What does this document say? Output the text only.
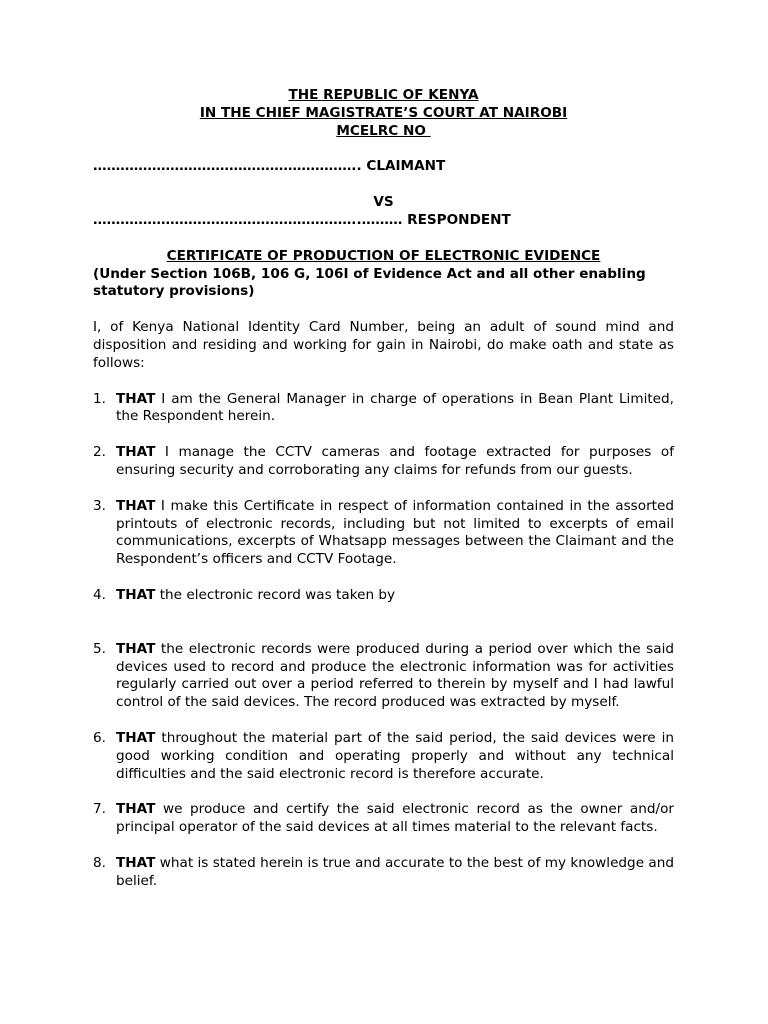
THE REPUBLIC OF KENYA

IN THE CHIEF MAGISTRATE’S COURT AT NAIROBI

MCELRC NO

………………………………………………….. CLAIMANT

VS

…………………………………………………..……… RESPONDENT

CERTIFICATE OF PRODUCTION OF ELECTRONIC EVIDENCE

(Under Section 106B, 106 G, 106I of Evidence Act and all other enabling statutory provisions)

I, of Kenya National Identity Card Number, being an adult of sound mind and disposition and residing and working for gain in Nairobi, do make oath and state as follows:

1. THAT I am the General Manager in charge of operations in Bean Plant Limited, the Respondent herein.
2. THAT I manage the CCTV cameras and footage extracted for purposes of ensuring security and corroborating any claims for refunds from our guests.
3. THAT I make this Certificate in respect of information contained in the assorted printouts of electronic records, including but not limited to excerpts of email communications, excerpts of Whatsapp messages between the Claimant and the Respondent’s officers and CCTV Footage.
4. THAT the electronic record was taken by
5. THAT the electronic records were produced during a period over which the said devices used to record and produce the electronic information was for activities regularly carried out over a period referred to therein by myself and I had lawful control of the said devices. The record produced was extracted by myself.
6. THAT throughout the material part of the said period, the said devices were in good working condition and operating properly and without any technical difficulties and the said electronic record is therefore accurate.
7. THAT we produce and certify the said electronic record as the owner and/or principal operator of the said devices at all times material to the relevant facts.
8. THAT what is stated herein is true and accurate to the best of my knowledge and belief.
